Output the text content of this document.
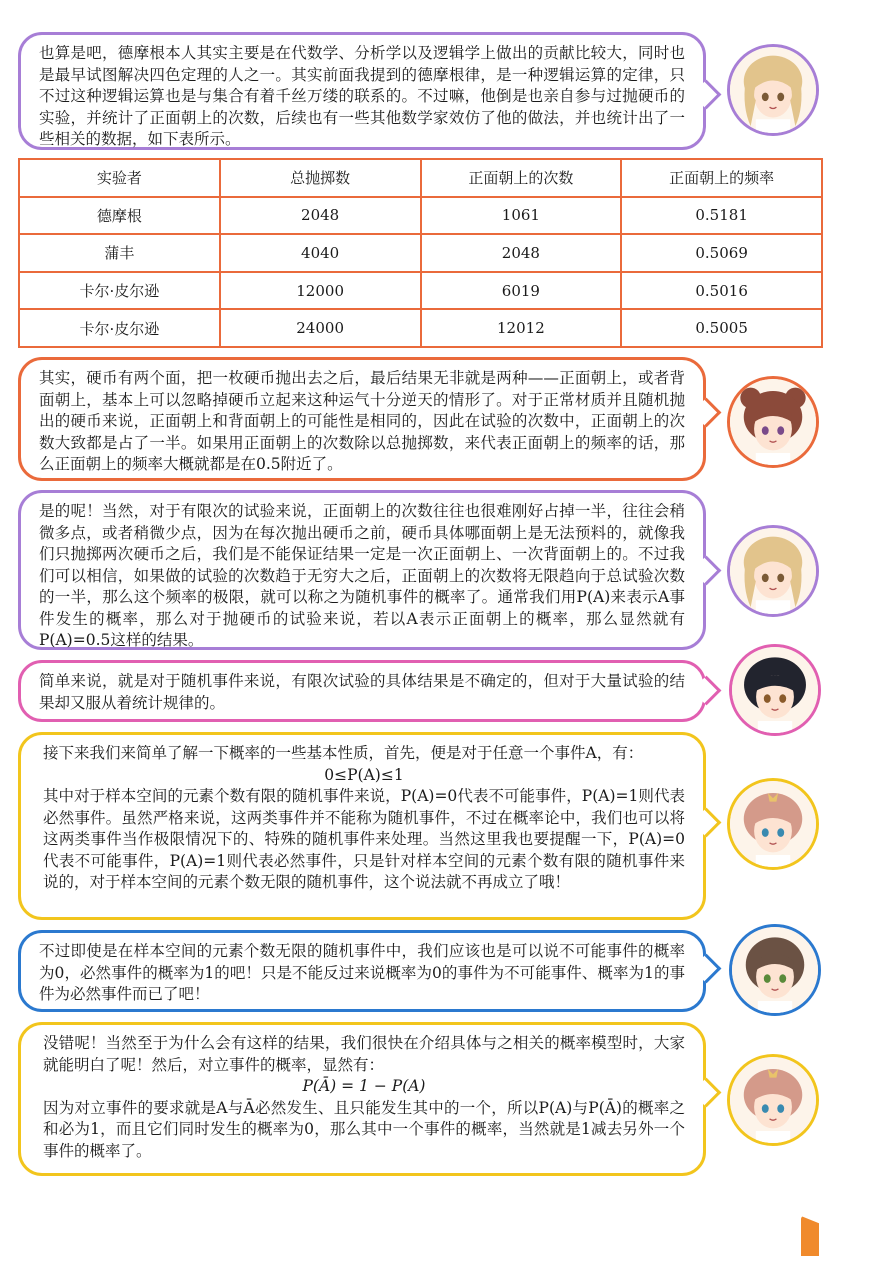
也算是吧，德摩根本人其实主要是在代数学、分析学以及逻辑学上做出的贡献比较大，同时也是最早试图解决四色定理的人之一。其实前面我提到的德摩根律，是一种逻辑运算的定律，只不过这种逻辑运算也是与集合有着千丝万缕的联系的。不过嘛，他倒是也亲自参与过抛硬币的实验，并统计了正面朝上的次数，后续也有一些其他数学家效仿了他的做法，并也统计出了一些相关的数据，如下表所示。

实验者	总抛掷数	正面朝上的次数	正面朝上的频率
德摩根	2048	1061	0.5181
蒲丰	4040	2048	0.5069
卡尔·皮尔逊	12000	6019	0.5016
卡尔·皮尔逊	24000	12012	0.5005

其实，硬币有两个面，把一枚硬币抛出去之后，最后结果无非就是两种——正面朝上，或者背面朝上，基本上可以忽略掉硬币立起来这种运气十分逆天的情形了。对于正常材质并且随机抛出的硬币来说，正面朝上和背面朝上的可能性是相同的，因此在试验的次数中，正面朝上的次数大致都是占了一半。如果用正面朝上的次数除以总抛掷数，来代表正面朝上的频率的话，那么正面朝上的频率大概就都是在0.5附近了。

是的呢！当然，对于有限次的试验来说，正面朝上的次数往往也很难刚好占掉一半，往往会稍微多点，或者稍微少点，因为在每次抛出硬币之前，硬币具体哪面朝上是无法预料的，就像我们只抛掷两次硬币之后，我们是不能保证结果一定是一次正面朝上、一次背面朝上的。不过我们可以相信，如果做的试验的次数趋于无穷大之后，正面朝上的次数将无限趋向于总试验次数的一半，那么这个频率的极限，就可以称之为随机事件的概率了。通常我们用P(A)来表示A事件发生的概率，那么对于抛硬币的试验来说，若以A表示正面朝上的概率，那么显然就有P(A)=0.5这样的结果。

简单来说，就是对于随机事件来说，有限次试验的具体结果是不确定的，但对于大量试验的结果却又服从着统计规律的。

接下来我们来简单了解一下概率的一些基本性质，首先，便是对于任意一个事件A，有：

0≤P(A)≤1

其中对于样本空间的元素个数有限的随机事件来说，P(A)=0代表不可能事件，P(A)=1则代表必然事件。虽然严格来说，这两类事件并不能称为随机事件，不过在概率论中，我们也可以将这两类事件当作极限情况下的、特殊的随机事件来处理。当然这里我也要提醒一下，P(A)=0代表不可能事件，P(A)=1则代表必然事件，只是针对样本空间的元素个数有限的随机事件来说的，对于样本空间的元素个数无限的随机事件，这个说法就不再成立了哦！

不过即使是在样本空间的元素个数无限的随机事件中，我们应该也是可以说不可能事件的概率为0，必然事件的概率为1的吧！只是不能反过来说概率为0的事件为不可能事件、概率为1的事件为必然事件而已了吧！

没错呢！当然至于为什么会有这样的结果，我们很快在介绍具体与之相关的概率模型时，大家就能明白了呢！然后，对立事件的概率，显然有：

P(Ā) = 1 − P(A)

因为对立事件的要求就是A与Ā必然发生、且只能发生其中的一个，所以P(A)与P(Ā)的概率之和必为1，而且它们同时发生的概率为0，那么其中一个事件的概率，当然就是1减去另外一个事件的概率了。
